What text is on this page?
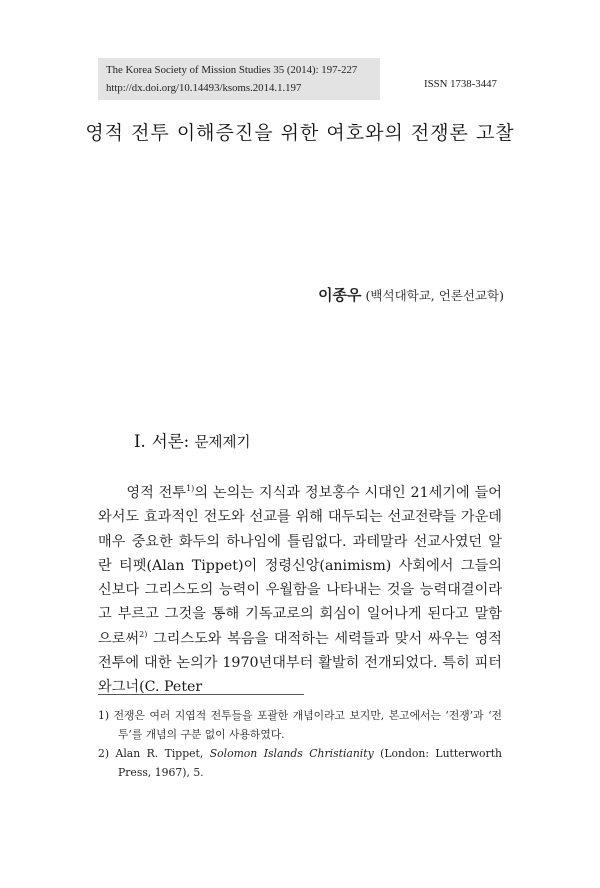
The Korea Society of Mission Studies 35 (2014): 197-227
http://dx.doi.org/10.14493/ksoms.2014.1.197	ISSN 1738-3447
영적 전투 이해증진을 위한 여호와의 전쟁론 고찰
이종우 (백석대학교, 언론선교학)
Ⅰ. 서론: 문제제기

영적 전투$^{1)}$의 논의는 지식과 정보홍수 시대인 21세기에 들어와서도 효과적인 전도와 선교를 위해 대두되는 선교전략들 가운데 매우 중요한 화두의 하나임에 틀림없다. 과테말라 선교사였던 알란 티펫(Alan Tippet)이 정령신앙(animism) 사회에서 그들의 신보다 그리스도의 능력이 우월함을 나타내는 것을 능력대결이라고 부르고 그것을 통해 기독교로의 회심이 일어나게 된다고 말함으로써$^{2)}$ 그리스도와 복음을 대적하는 세력들과 맞서 싸우는 영적 전투에 대한 논의가 1970년대부터 활발히 전개되었다. 특히 피터 와그너(C. Peter

1) 전쟁은 여러 지엽적 전투들을 포괄한 개념이라고 보지만, 본고에서는 ‘전쟁’과 ‘전투’를 개념의 구분 없이 사용하였다.

2) Alan R. Tippet, Solomon Islands Christianity (London: Lutterworth Press, 1967), 5.
